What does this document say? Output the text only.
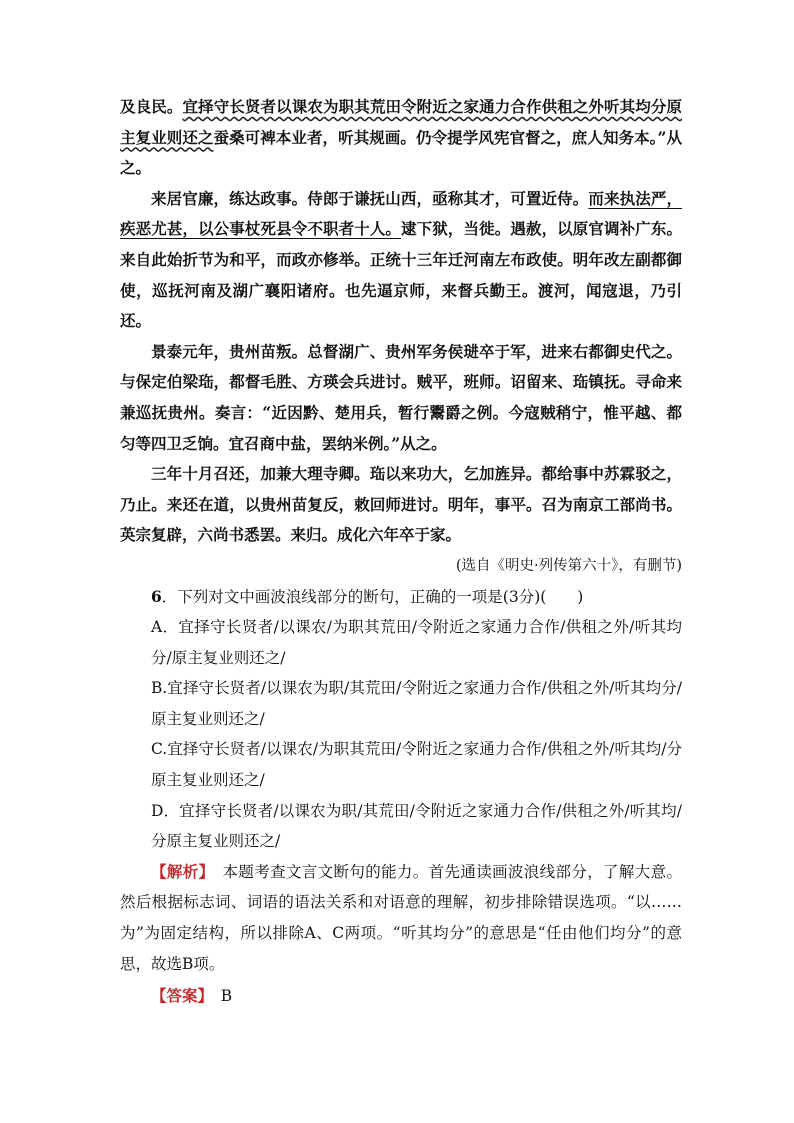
及良民。宜择守长贤者以课农为职其荒田令附近之家通力合作供租之外听其均分原主复业则还之蚕桑可裨本业者，听其规画。仍令提学风宪官督之，庶人知务本。”从之。

来居官廉，练达政事。侍郎于谦抚山西，亟称其才，可置近侍。而来执法严，疾恶尤甚，以公事杖死县令不职者十人。逮下狱，当徙。遇赦，以原官调补广东。来自此始折节为和平，而政亦修举。正统十三年迁河南左布政使。明年改左副都御使，巡抚河南及湖广襄阳诸府。也先逼京师，来督兵勤王。渡河，闻寇退，乃引还。

景泰元年，贵州苗叛。总督湖广、贵州军务侯琎卒于军，进来右都御史代之。与保定伯梁珤，都督毛胜、方瑛会兵进讨。贼平，班师。诏留来、珤镇抚。寻命来兼巡抚贵州。奏言：“近因黔、楚用兵，暂行鬻爵之例。今寇贼稍宁，惟平越、都匀等四卫乏饷。宜召商中盐，罢纳米例。”从之。

三年十月召还，加兼大理寺卿。珤以来功大，乞加旌异。都给事中苏霖驳之，乃止。来还在道，以贵州苗复反，敕回师进讨。明年，事平。召为南京工部尚书。英宗复辟，六尚书悉罢。来归。成化六年卒于家。

(选自《明史·列传第六十》，有删节)

6．下列对文中画波浪线部分的断句，正确的一项是(3分)(　　)

A．宜择守长贤者/以课农/为职其荒田/令附近之家通力合作/供租之外/听其均分/原主复业则还之/

B.宜择守长贤者/以课农为职/其荒田/令附近之家通力合作/供租之外/听其均分/原主复业则还之/

C.宜择守长贤者/以课农/为职其荒田/令附近之家通力合作/供租之外/听其均/分原主复业则还之/

D．宜择守长贤者/以课农为职/其荒田/令附近之家通力合作/供租之外/听其均/分原主复业则还之/

【解析】　本题考查文言文断句的能力。首先通读画波浪线部分，了解大意。然后根据标志词、词语的语法关系和对语意的理解，初步排除错误选项。“以……为”为固定结构，所以排除A、C两项。“听其均分”的意思是“任由他们均分”的意思，故选B项。

【答案】　B
